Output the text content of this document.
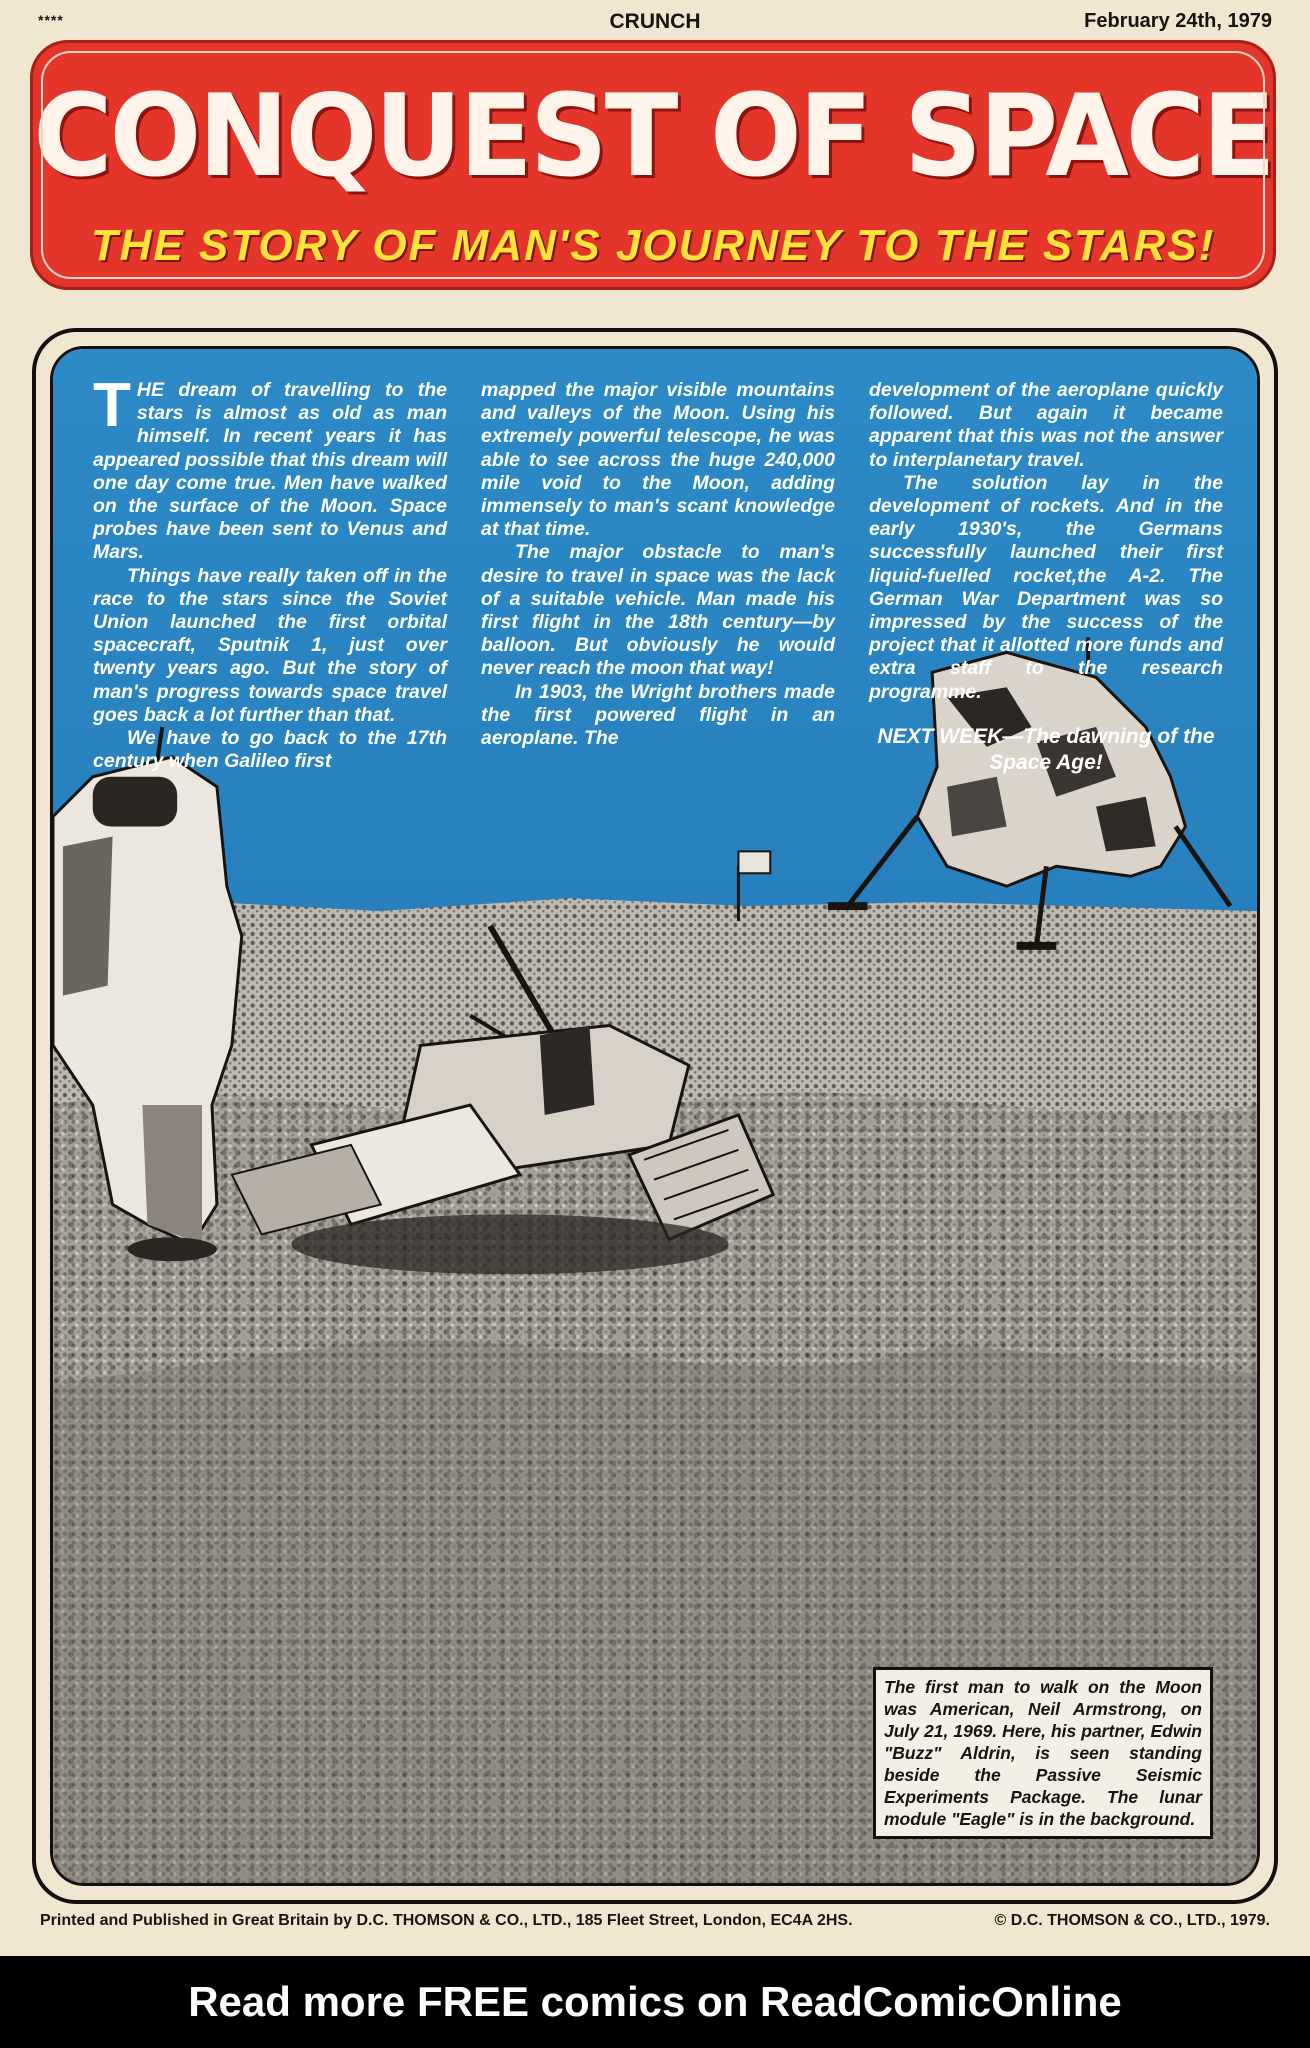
****	CRUNCH	February 24th, 1979
CONQUEST OF SPACE
THE STORY OF MAN'S JOURNEY TO THE STARS!

THE dream of travelling to the stars is almost as old as man himself. In recent years it has appeared possible that this dream will one day come true. Men have walked on the surface of the Moon. Space probes have been sent to Venus and Mars.

Things have really taken off in the race to the stars since the Soviet Union launched the first orbital spacecraft, Sputnik 1, just over twenty years ago. But the story of man's progress towards space travel goes back a lot further than that.

We have to go back to the 17th century when Galileo first

mapped the major visible mountains and valleys of the Moon. Using his extremely powerful telescope, he was able to see across the huge 240,000 mile void to the Moon, adding immensely to man's scant knowledge at that time.

The major obstacle to man's desire to travel in space was the lack of a suitable vehicle. Man made his first flight in the 18th century—by balloon. But obviously he would never reach the moon that way!

In 1903, the Wright brothers made the first powered flight in an aeroplane. The

development of the aeroplane quickly followed. But again it became apparent that this was not the answer to interplanetary travel.

The solution lay in the development of rockets. And in the early 1930's, the Germans successfully launched their first liquid-fuelled rocket,the A-2. The German War Department was so impressed by the success of the project that it allotted more funds and extra staff to the research programme.

NEXT WEEK—The dawning of the Space Age!

The first man to walk on the Moon was American, Neil Armstrong, on July 21, 1969. Here, his partner, Edwin "Buzz" Aldrin, is seen standing beside the Passive Seismic Experiments Package. The lunar module "Eagle" is in the background.
Printed and Published in Great Britain by D.C. THOMSON & CO., LTD., 185 Fleet Street, London, EC4A 2HS.	© D.C. THOMSON & CO., LTD., 1979.
Read more FREE comics on ReadComicOnline
